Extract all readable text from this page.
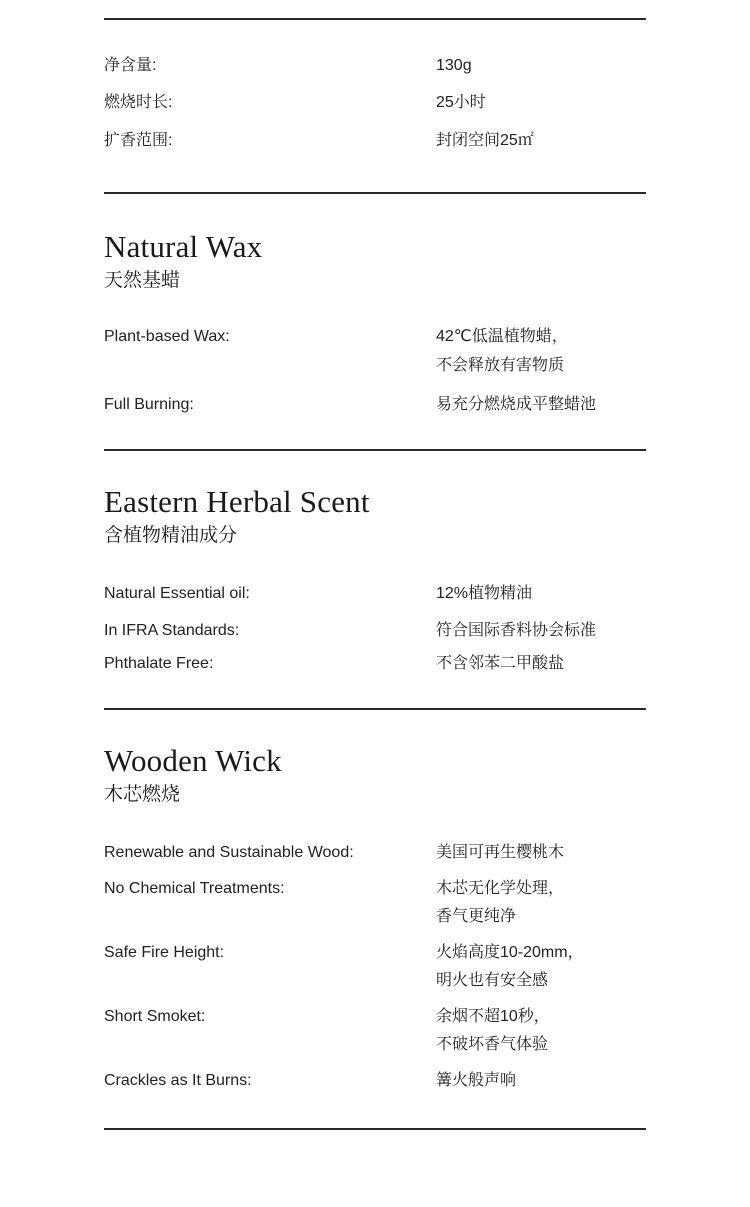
净含量:	130g
燃烧时长:	25小时
扩香范围:	封闭空间25㎡
Natural Wax
天然基蜡
Plant-based Wax:	42℃低温植物蜡，
不会释放有害物质
Full Burning:	易充分燃烧成平整蜡池
Eastern Herbal Scent
含植物精油成分
Natural Essential oil:	12%植物精油
In IFRA Standards:	符合国际香料协会标准
Phthalate Free:	不含邻苯二甲酸盐
Wooden Wick
木芯燃烧
Renewable and Sustainable Wood:	美国可再生樱桃木
No Chemical Treatments:	木芯无化学处理，
香气更纯净
Safe Fire Height:	火焰高度10-20mm，
明火也有安全感
Short Smoket:	余烟不超10秒，
不破坏香气体验
Crackles as It Burns:	篝火般声响
